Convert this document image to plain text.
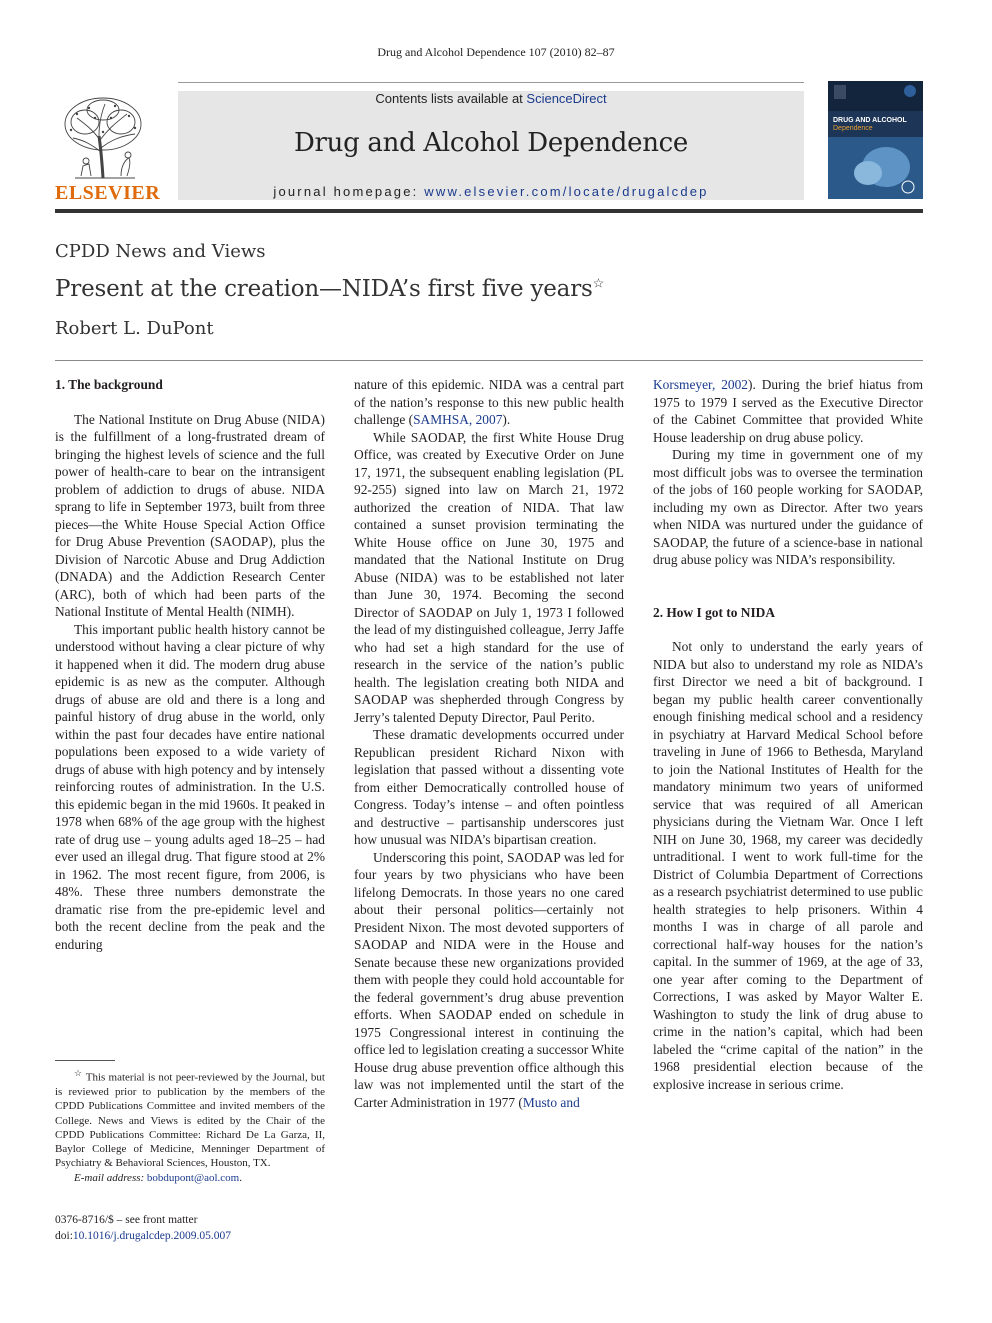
Drug and Alcohol Dependence 107 (2010) 82–87
ELSEVIER
Contents lists available at ScienceDirect
Drug and Alcohol Dependence
journal homepage: www.elsevier.com/locate/drugalcdep
DRUG AND ALCOHOL
Dependence
CPDD News and Views
Present at the creation—NIDA’s first five years☆
Robert L. DuPont
1. The background

The National Institute on Drug Abuse (NIDA) is the fulfillment of a long-frustrated dream of bringing the highest levels of science and the full power of health-care to bear on the intransigent problem of addiction to drugs of abuse. NIDA sprang to life in September 1973, built from three pieces—the White House Special Action Office for Drug Abuse Prevention (SAODAP), plus the Division of Narcotic Abuse and Drug Addiction (DNADA) and the Addiction Research Center (ARC), both of which had been parts of the National Institute of Mental Health (NIMH).

This important public health history cannot be understood without having a clear picture of why it happened when it did. The modern drug abuse epidemic is as new as the computer. Although drugs of abuse are old and there is a long and painful history of drug abuse in the world, only within the past four decades have entire national populations been exposed to a wide variety of drugs of abuse with high potency and by intensely reinforcing routes of administration. In the U.S. this epidemic began in the mid 1960s. It peaked in 1978 when 68% of the age group with the highest rate of drug use – young adults aged 18–25 – had ever used an illegal drug. That figure stood at 2% in 1962. The most recent figure, from 2006, is 48%. These three numbers demonstrate the dramatic rise from the pre-epidemic level and both the recent decline from the peak and the enduring

nature of this epidemic. NIDA was a central part of the nation’s response to this new public health challenge (SAMHSA, 2007).

While SAODAP, the first White House Drug Office, was created by Executive Order on June 17, 1971, the subsequent enabling legislation (PL 92-255) signed into law on March 21, 1972 authorized the creation of NIDA. That law contained a sunset provision terminating the White House office on June 30, 1975 and mandated that the National Institute on Drug Abuse (NIDA) was to be established not later than June 30, 1974. Becoming the second Director of SAODAP on July 1, 1973 I followed the lead of my distinguished colleague, Jerry Jaffe who had set a high standard for the use of research in the service of the nation’s public health. The legislation creating both NIDA and SAODAP was shepherded through Congress by Jerry’s talented Deputy Director, Paul Perito.

These dramatic developments occurred under Republican president Richard Nixon with legislation that passed without a dissenting vote from either Democratically controlled house of Congress. Today’s intense – and often pointless and destructive – partisanship underscores just how unusual was NIDA’s bipartisan creation.

Underscoring this point, SAODAP was led for four years by two physicians who have been lifelong Democrats. In those years no one cared about their personal politics—certainly not President Nixon. The most devoted supporters of SAODAP and NIDA were in the House and Senate because these new organizations provided them with people they could hold accountable for the federal government’s drug abuse prevention efforts. When SAODAP ended on schedule in 1975 Congressional interest in continuing the office led to legislation creating a successor White House drug abuse prevention office although this law was not implemented until the start of the Carter Administration in 1977 (Musto and

Korsmeyer, 2002). During the brief hiatus from 1975 to 1979 I served as the Executive Director of the Cabinet Committee that provided White House leadership on drug abuse policy.

During my time in government one of my most difficult jobs was to oversee the termination of the jobs of 160 people working for SAODAP, including my own as Director. After two years when NIDA was nurtured under the guidance of SAODAP, the future of a science-base in national drug abuse policy was NIDA’s responsibility.

2. How I got to NIDA

Not only to understand the early years of NIDA but also to understand my role as NIDA’s first Director we need a bit of background. I began my public health career conventionally enough finishing medical school and a residency in psychiatry at Harvard Medical School before traveling in June of 1966 to Bethesda, Maryland to join the National Institutes of Health for the mandatory minimum two years of uniformed service that was required of all American physicians during the Vietnam War. Once I left NIH on June 30, 1968, my career was decidedly untraditional. I went to work full-time for the District of Columbia Department of Corrections as a research psychiatrist determined to use public health strategies to help prisoners. Within 4 months I was in charge of all parole and correctional half-way houses for the nation’s capital. In the summer of 1969, at the age of 33, one year after coming to the Department of Corrections, I was asked by Mayor Walter E. Washington to study the link of drug abuse to crime in the nation’s capital, which had been labeled the “crime capital of the nation” in the 1968 presidential election because of the explosive increase in serious crime.

☆ This material is not peer-reviewed by the Journal, but is reviewed prior to publication by the members of the CPDD Publications Committee and invited members of the College. News and Views is edited by the Chair of the CPDD Publications Committee: Richard De La Garza, II, Baylor College of Medicine, Menninger Department of Psychiatry & Behavioral Sciences, Houston, TX.

E-mail address: bobdupont@aol.com.

0376-8716/$ – see front matter
doi:10.1016/j.drugalcdep.2009.05.007
